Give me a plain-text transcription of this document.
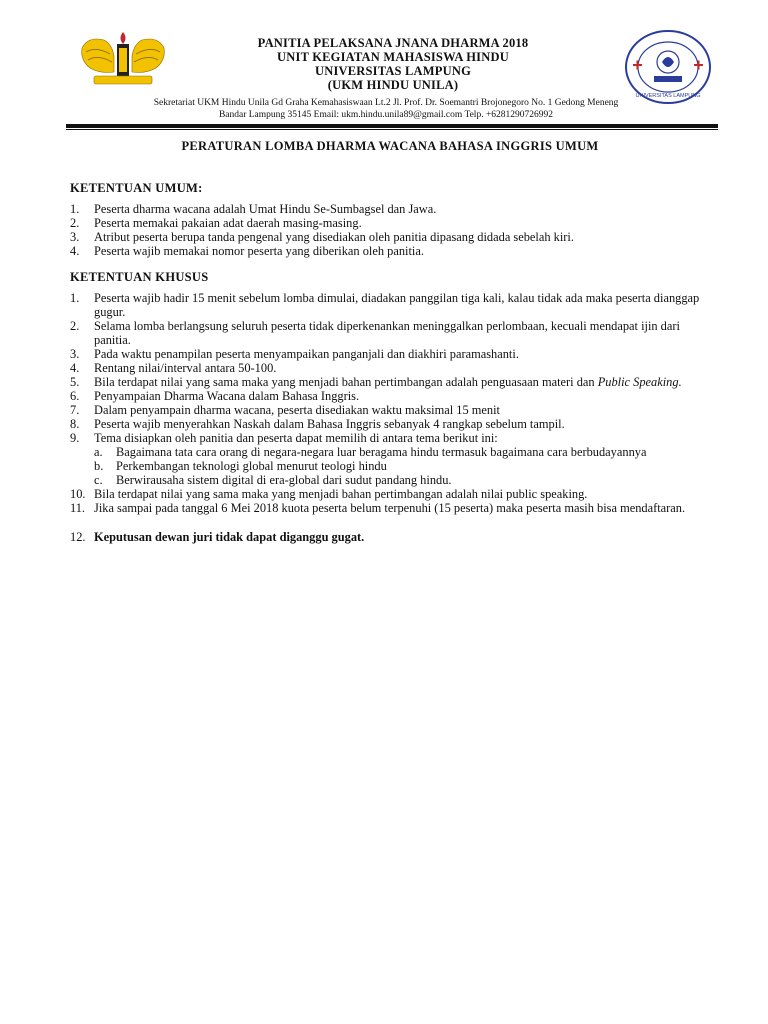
PANITIA PELAKSANA JNANA DHARMA 2018
UNIT KEGIATAN MAHASISWA HINDU
UNIVERSITAS LAMPUNG
(UKM HINDU UNILA)
UNIVERSITAS LAMPUNG
Sekretariat UKM Hindu Unila Gd Graha Kemahasiswaan Lt.2 Jl. Prof. Dr. Soemantri Brojonegoro No. 1 Gedong Meneng
Bandar Lampung 35145 Email: ukm.hindu.unila89@gmail.com Telp. +6281290726992
PERATURAN LOMBA DHARMA WACANA BAHASA INGGRIS UMUM
KETENTUAN UMUM:
1.	Peserta dharma wacana adalah Umat Hindu Se-Sumbagsel dan Jawa.
2.	Peserta memakai pakaian adat daerah masing-masing.
3.	Atribut peserta berupa tanda pengenal yang disediakan oleh panitia dipasang didada sebelah kiri.
4.	Peserta wajib memakai nomor peserta yang diberikan oleh panitia.
KETENTUAN KHUSUS
1.	Peserta wajib hadir 15 menit sebelum lomba dimulai, diadakan panggilan tiga kali, kalau tidak ada maka peserta dianggap gugur.
2.	Selama lomba berlangsung seluruh peserta tidak diperkenankan meninggalkan perlombaan, kecuali mendapat ijin dari panitia.
3.	Pada waktu penampilan peserta menyampaikan panganjali dan diakhiri paramashanti.
4.	Rentang nilai/interval antara 50-100.
5.	Bila terdapat nilai yang sama maka yang menjadi bahan pertimbangan adalah penguasaan materi dan Public Speaking.
6.	Penyampaian Dharma Wacana dalam Bahasa Inggris.
7.	Dalam penyampain dharma wacana, peserta disediakan waktu maksimal 15 menit
8.	Peserta wajib menyerahkan Naskah dalam Bahasa Inggris sebanyak 4 rangkap sebelum tampil.
9.	Tema disiapkan oleh panitia dan peserta dapat memilih di antara tema berikut ini:
a.	Bagaimana tata cara orang di negara-negara luar beragama hindu termasuk bagaimana cara berbudayannya
b.	Perkembangan teknologi global menurut teologi hindu
c.	Berwirausaha sistem digital di era-global dari sudut pandang hindu.
10. Bila terdapat nilai yang sama maka yang menjadi bahan pertimbangan adalah nilai public speaking.
11. Jika sampai pada tanggal 6 Mei 2018 kuota peserta belum terpenuhi (15 peserta) maka peserta masih bisa mendaftaran.
12. Keputusan dewan juri tidak dapat diganggu gugat.
